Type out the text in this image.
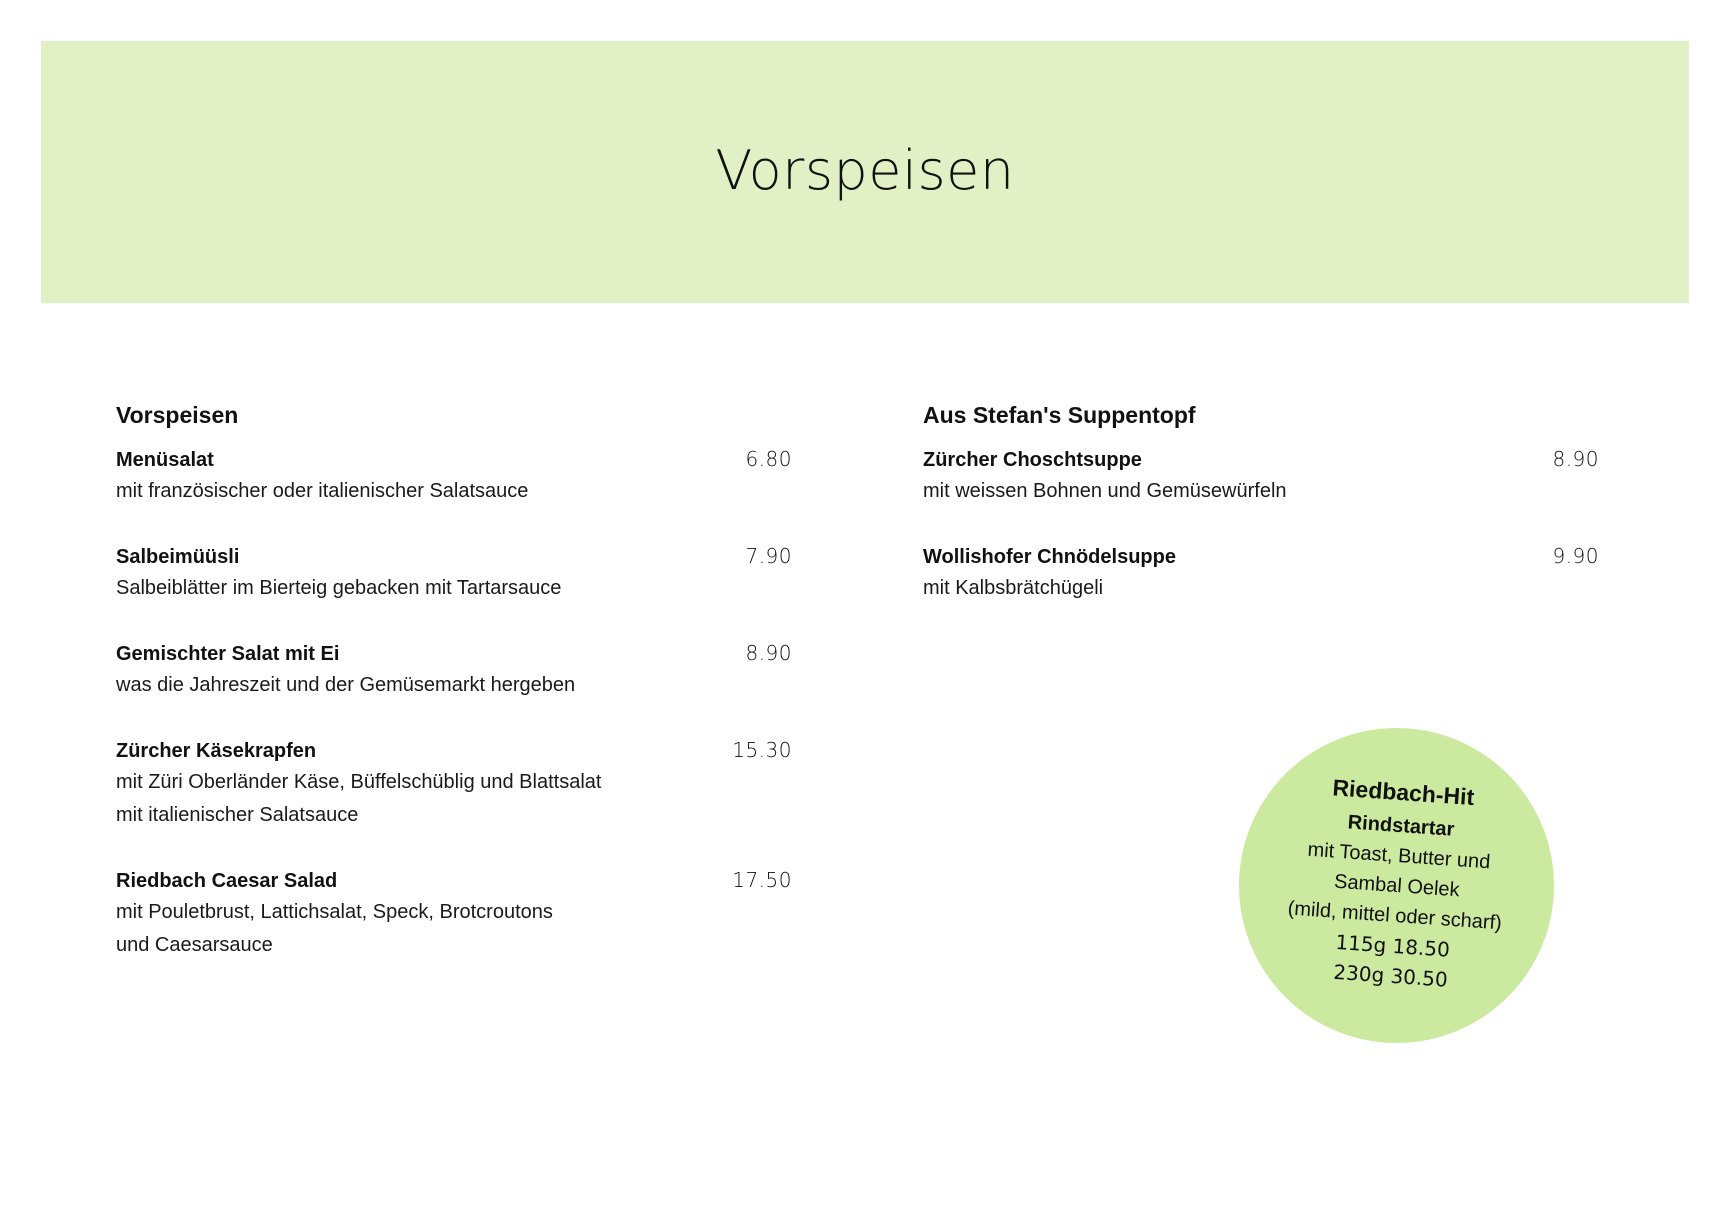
Vorspeisen
Vorspeisen
Menüsalat	6.80
mit französischer oder italienischer Salatsauce
Salbeimüüsli	7.90
Salbeiblätter im Bierteig gebacken mit Tartarsauce
Gemischter Salat mit Ei	8.90
was die Jahreszeit und der Gemüsemarkt hergeben
Zürcher Käsekrapfen	15.30
mit Züri Oberländer Käse, Büffelschüblig und Blattsalat
mit italienischer Salatsauce
Riedbach Caesar Salad	17.50
mit Pouletbrust, Lattichsalat, Speck, Brotcroutons
und Caesarsauce
Aus Stefan's Suppentopf
Zürcher Choschtsuppe	8.90
mit weissen Bohnen und Gemüsewürfeln
Wollishofer Chnödelsuppe	9.90
mit Kalbsbrätchügeli
Riedbach-Hit
Rindstartar
mit Toast, Butter und
Sambal Oelek
(mild, mittel oder scharf)
115g 18.50
230g 30.50
